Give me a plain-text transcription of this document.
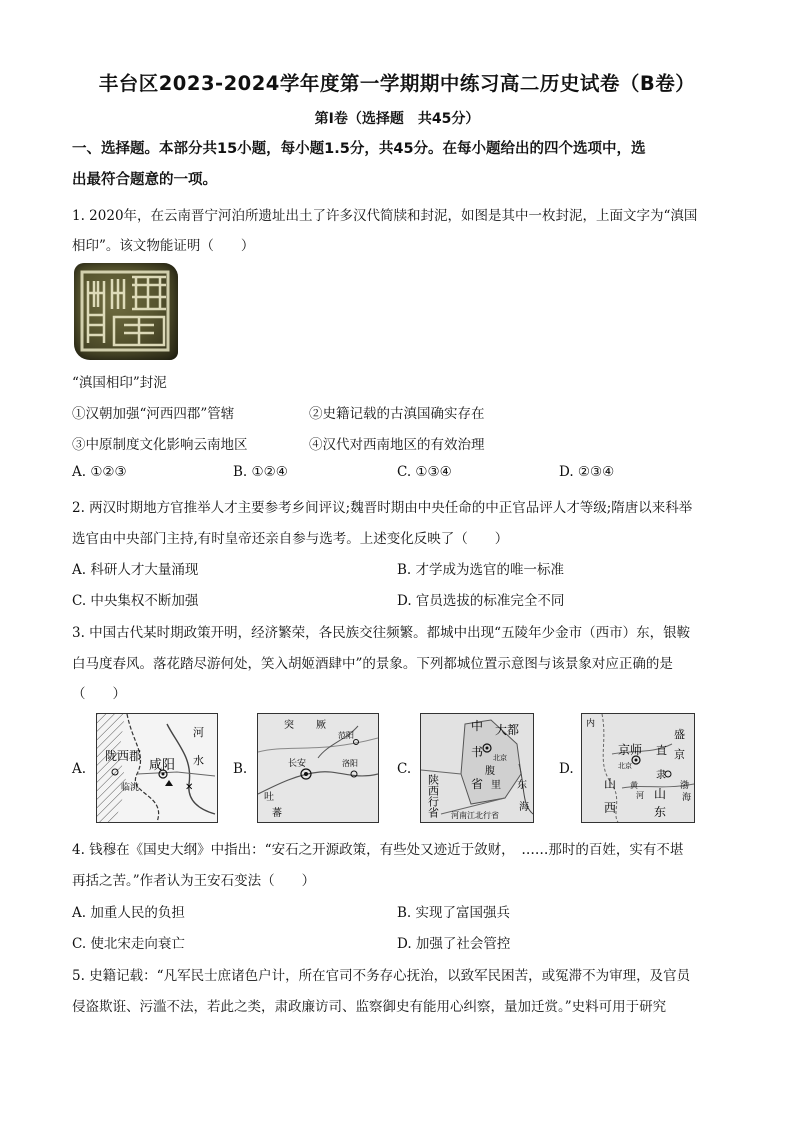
丰台区2023-2024学年度第一学期期中练习高二历史试卷（B卷）
第Ⅰ卷（选择题　共45分）
一、选择题。本部分共15小题，每小题1.5分，共45分。在每小题给出的四个选项中，选
出最符合题意的一项。
1. 2020年，在云南晋宁河泊所遗址出土了许多汉代简牍和封泥，如图是其中一枚封泥，上面文字为“滇国
相印”。该文物能证明（　　）
“滇国相印”封泥
①汉朝加强“河西四郡”管辖	②史籍记载的古滇国确实存在
③中原制度文化影响云南地区	④汉代对西南地区的有效治理
A. ①②③	B. ①②④	C. ①③④	D. ②③④
2. 两汉时期地方官推举人才主要参考乡间评议;魏晋时期由中央任命的中正官品评人才等级;隋唐以来科举
选官由中央部门主持,有时皇帝还亲自参与选考。上述变化反映了（　　）
A. 科研人才大量涌现	B. 才学成为选官的唯一标准
C. 中央集权不断加强	D. 官员选拔的标准完全不同
3. 中国古代某时期政策开明，经济繁荣，各民族交往频繁。都城中出现“五陵年少金市（西市）东，银鞍
白马度春风。落花踏尽游何处，笑入胡姬酒肆中”的景象。下列都城位置示意图与该景象对应正确的是
（　　）
A.
陇西郡
咸阳
河
水
临洮	✕
B.
突 厥
范阳
长安	洛阳
吐
蕃
C.
中
书
省
大都
北京
腹
里
陕西行省 河南江北行省
东
海
D.
京师
北京
直
隶
盛
京
山
西
山
东
渤
海
黄
河
内
4. 钱穆在《国史大纲》中指出：“安石之开源政策，有些处又迹近于敛财，　……那时的百姓，实有不堪
再括之苦。”作者认为王安石变法（　　）
A. 加重人民的负担	B. 实现了富国强兵
C. 使北宋走向衰亡	D. 加强了社会管控
5. 史籍记载：“凡军民士庶诸色户计，所在官司不务存心抚治，以致军民困苦，或冤滞不为审理，及官员
侵盗欺诳、污滥不法，若此之类，肃政廉访司、监察御史有能用心纠察，量加迁赏。”史料可用于研究
